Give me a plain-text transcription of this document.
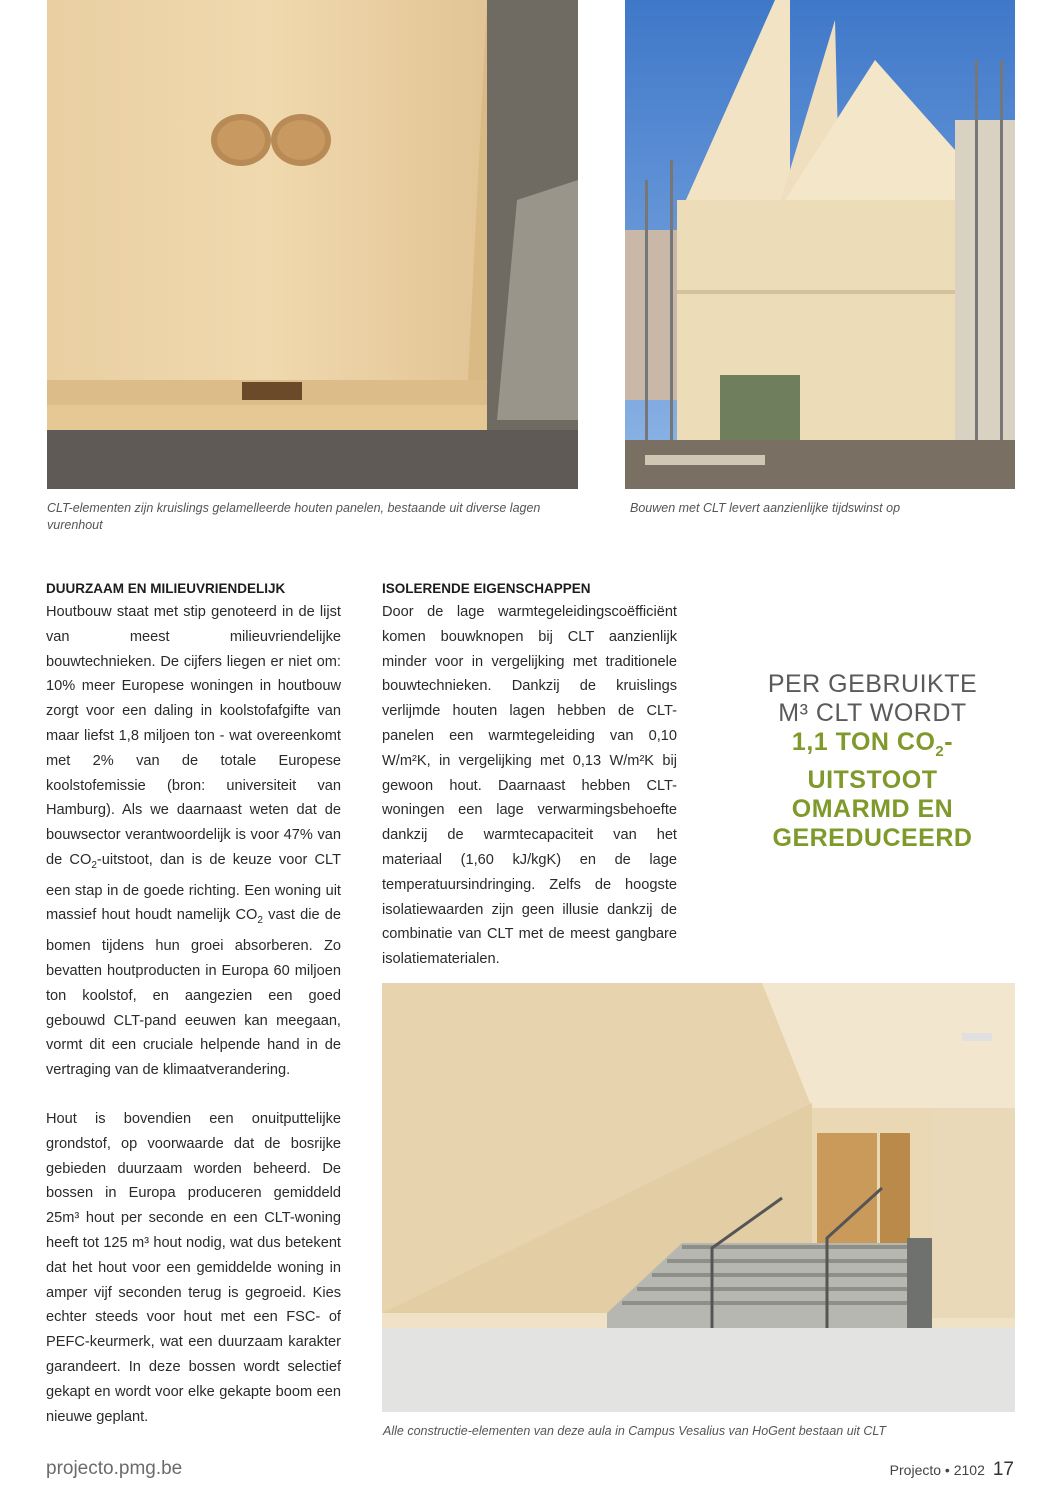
CLT-elementen zijn kruislings gelamelleerde houten panelen, bestaande uit diverse lagen vurenhout
Bouwen met CLT levert aanzienlijke tijdswinst op
DUURZAAM EN MILIEUVRIENDELIJK

Houtbouw staat met stip genoteerd in de lijst van meest milieuvriendelijke bouwtechnieken. De cijfers liegen er niet om: 10% meer Europese woningen in houtbouw zorgt voor een daling in koolstofafgifte van maar liefst 1,8 miljoen ton - wat overeenkomt met 2% van de totale Europese koolstofemissie (bron: universiteit van Hamburg). Als we daarnaast weten dat de bouwsector verantwoordelijk is voor 47% van de $CO_2$-uitstoot, dan is de keuze voor CLT een stap in de goede richting. Een woning uit massief hout houdt namelijk $CO_2$ vast die de bomen tijdens hun groei absorberen. Zo bevatten houtproducten in Europa 60 miljoen ton koolstof, en aangezien een goed gebouwd CLT-pand eeuwen kan meegaan, vormt dit een cruciale helpende hand in de vertraging van de klimaatverandering.

Hout is bovendien een onuitputtelijke grondstof, op voorwaarde dat de bosrijke gebieden duurzaam worden beheerd. De bossen in Europa produceren gemiddeld 25m³ hout per seconde en een CLT-woning heeft tot 125 m³ hout nodig, wat dus betekent dat het hout voor een gemiddelde woning in amper vijf seconden terug is gegroeid. Kies echter steeds voor hout met een FSC- of PEFC-keurmerk, wat een duurzaam karakter garandeert. In deze bossen wordt selectief gekapt en wordt voor elke gekapte boom een nieuwe geplant.

ISOLERENDE EIGENSCHAPPEN

Door de lage warmtegeleidingscoëfficiënt komen bouwknopen bij CLT aanzienlijk minder voor in vergelijking met traditionele bouwtechnieken. Dankzij de kruislings verlijmde houten lagen hebben de CLT-panelen een warmtegeleiding van 0,10 W/m²K, in vergelijking met 0,13 W/m²K bij gewoon hout. Daarnaast hebben CLT-woningen een lage verwarmingsbehoefte dankzij de warmtecapaciteit van het materiaal (1,60 kJ/kgK) en de lage temperatuursindringing. Zelfs de hoogste isolatiewaarden zijn geen illusie dankzij de combinatie van CLT met de meest gangbare isolatiematerialen.

PER GEBRUIKTE
M³ CLT WORDT
1,1 TON $CO_2-$
UITSTOOT
OMARMD EN
GEREDUCEERD
Alle constructie-elementen van deze aula in Campus Vesalius van HoGent bestaan uit CLT
projecto.pmg.be	Projecto • 2102 17
